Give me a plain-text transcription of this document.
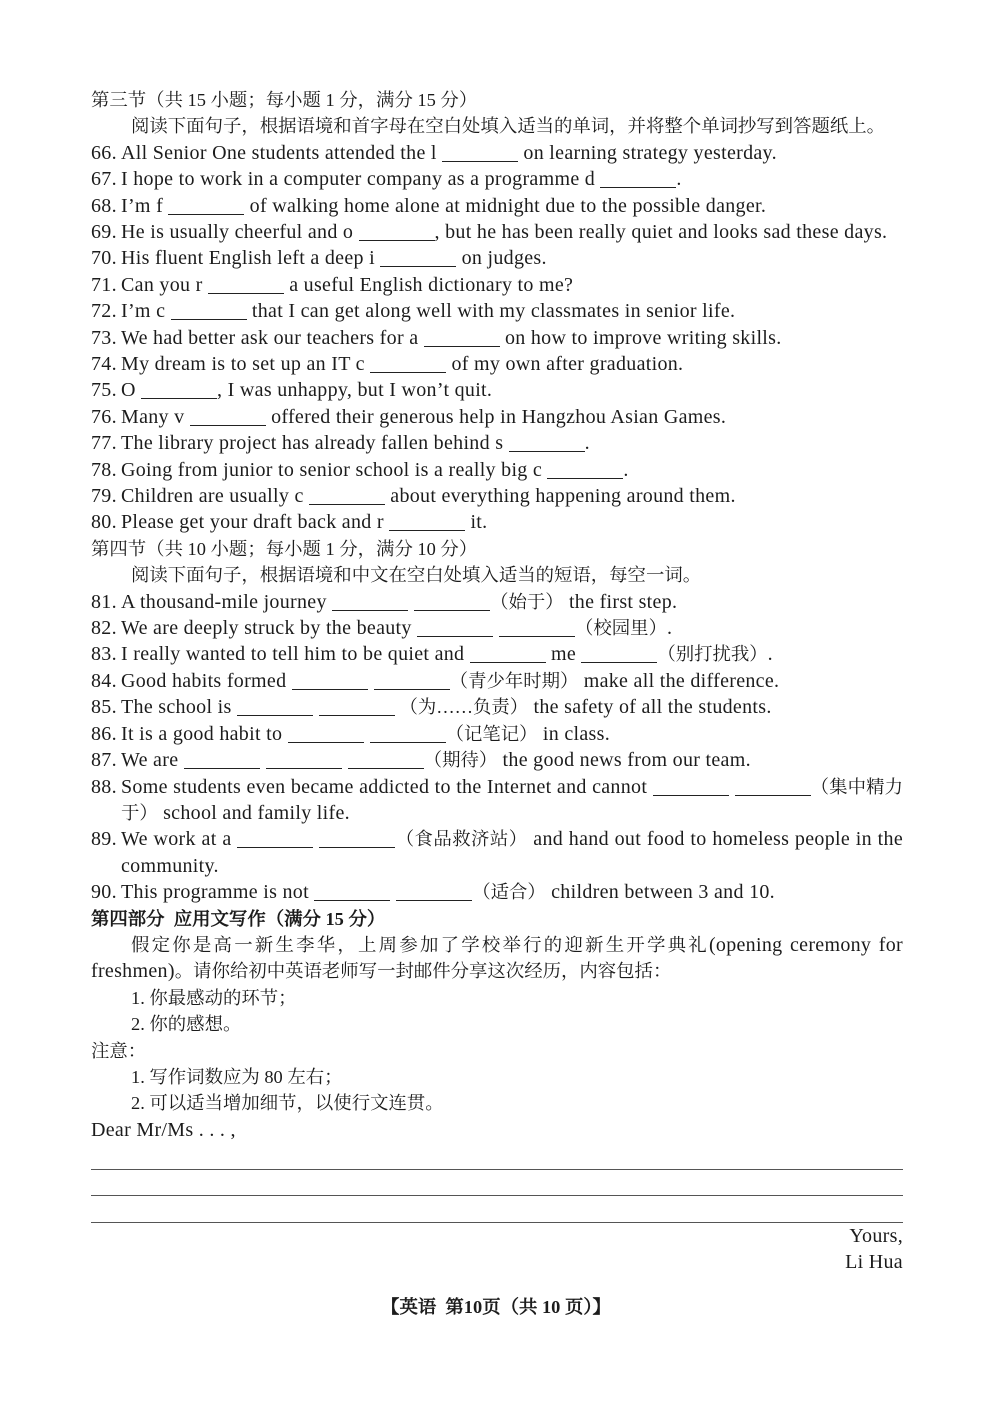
第三节（共 15 小题；每小题 1 分，满分 15 分）
阅读下面句子，根据语境和首字母在空白处填入适当的单词，并将整个单词抄写到答题纸上。
66. All Senior One students attended the l	on learning strategy yesterday.
67. I hope to work in a computer company as a programme d	.
68. I’m f	of walking home alone at midnight due to the possible danger.
69. He is usually cheerful and o	, but he has been really quiet and looks sad these days.
70. His fluent English left a deep i	on judges.
71. Can you r	a useful English dictionary to me?
72. I’m c	that I can get along well with my classmates in senior life.
73. We had better ask our teachers for a	on how to improve writing skills.
74. My dream is to set up an IT c	of my own after graduation.
75. O	, I was unhappy, but I won’t quit.
76. Many v	offered their generous help in Hangzhou Asian Games.
77. The library project has already fallen behind s	.
78. Going from junior to senior school is a really big c	.
79. Children are usually c	about everything happening around them.
80. Please get your draft back and r	it.
第四节（共 10 小题；每小题 1 分，满分 10 分）
阅读下面句子，根据语境和中文在空白处填入适当的短语，每空一词。
81. A thousand-mile journey	（始于） the first step.
82. We are deeply struck by the beauty	（校园里）.
83. I really wanted to tell him to be quiet and	me	（别打扰我）.
84. Good habits formed	（青少年时期） make all the difference.
85. The school is	（为……负责） the safety of all the students.
86. It is a good habit to	（记笔记） in class.
87. We are	（期待） the good news from our team.
88. Some students even became addicted to the Internet and cannot	（集中精力于） school and family life.
89. We work at a	（食品救济站） and hand out food to homeless people in the community.
90. This programme is not	（适合） children between 3 and 10.
第四部分  应用文写作（满分 15 分）

假定你是高一新生李华，上周参加了学校举行的迎新生开学典礼(opening ceremony for freshmen)。请你给初中英语老师写一封邮件分享这次经历，内容包括：

1. 你最感动的环节；
2. 你的感想。
注意：
1. 写作词数应为 80 左右；
2. 可以适当增加细节，以使行文连贯。
Dear Mr/Ms . . . ,
Yours,
Li Hua
【英语  第10页（共 10 页）】
